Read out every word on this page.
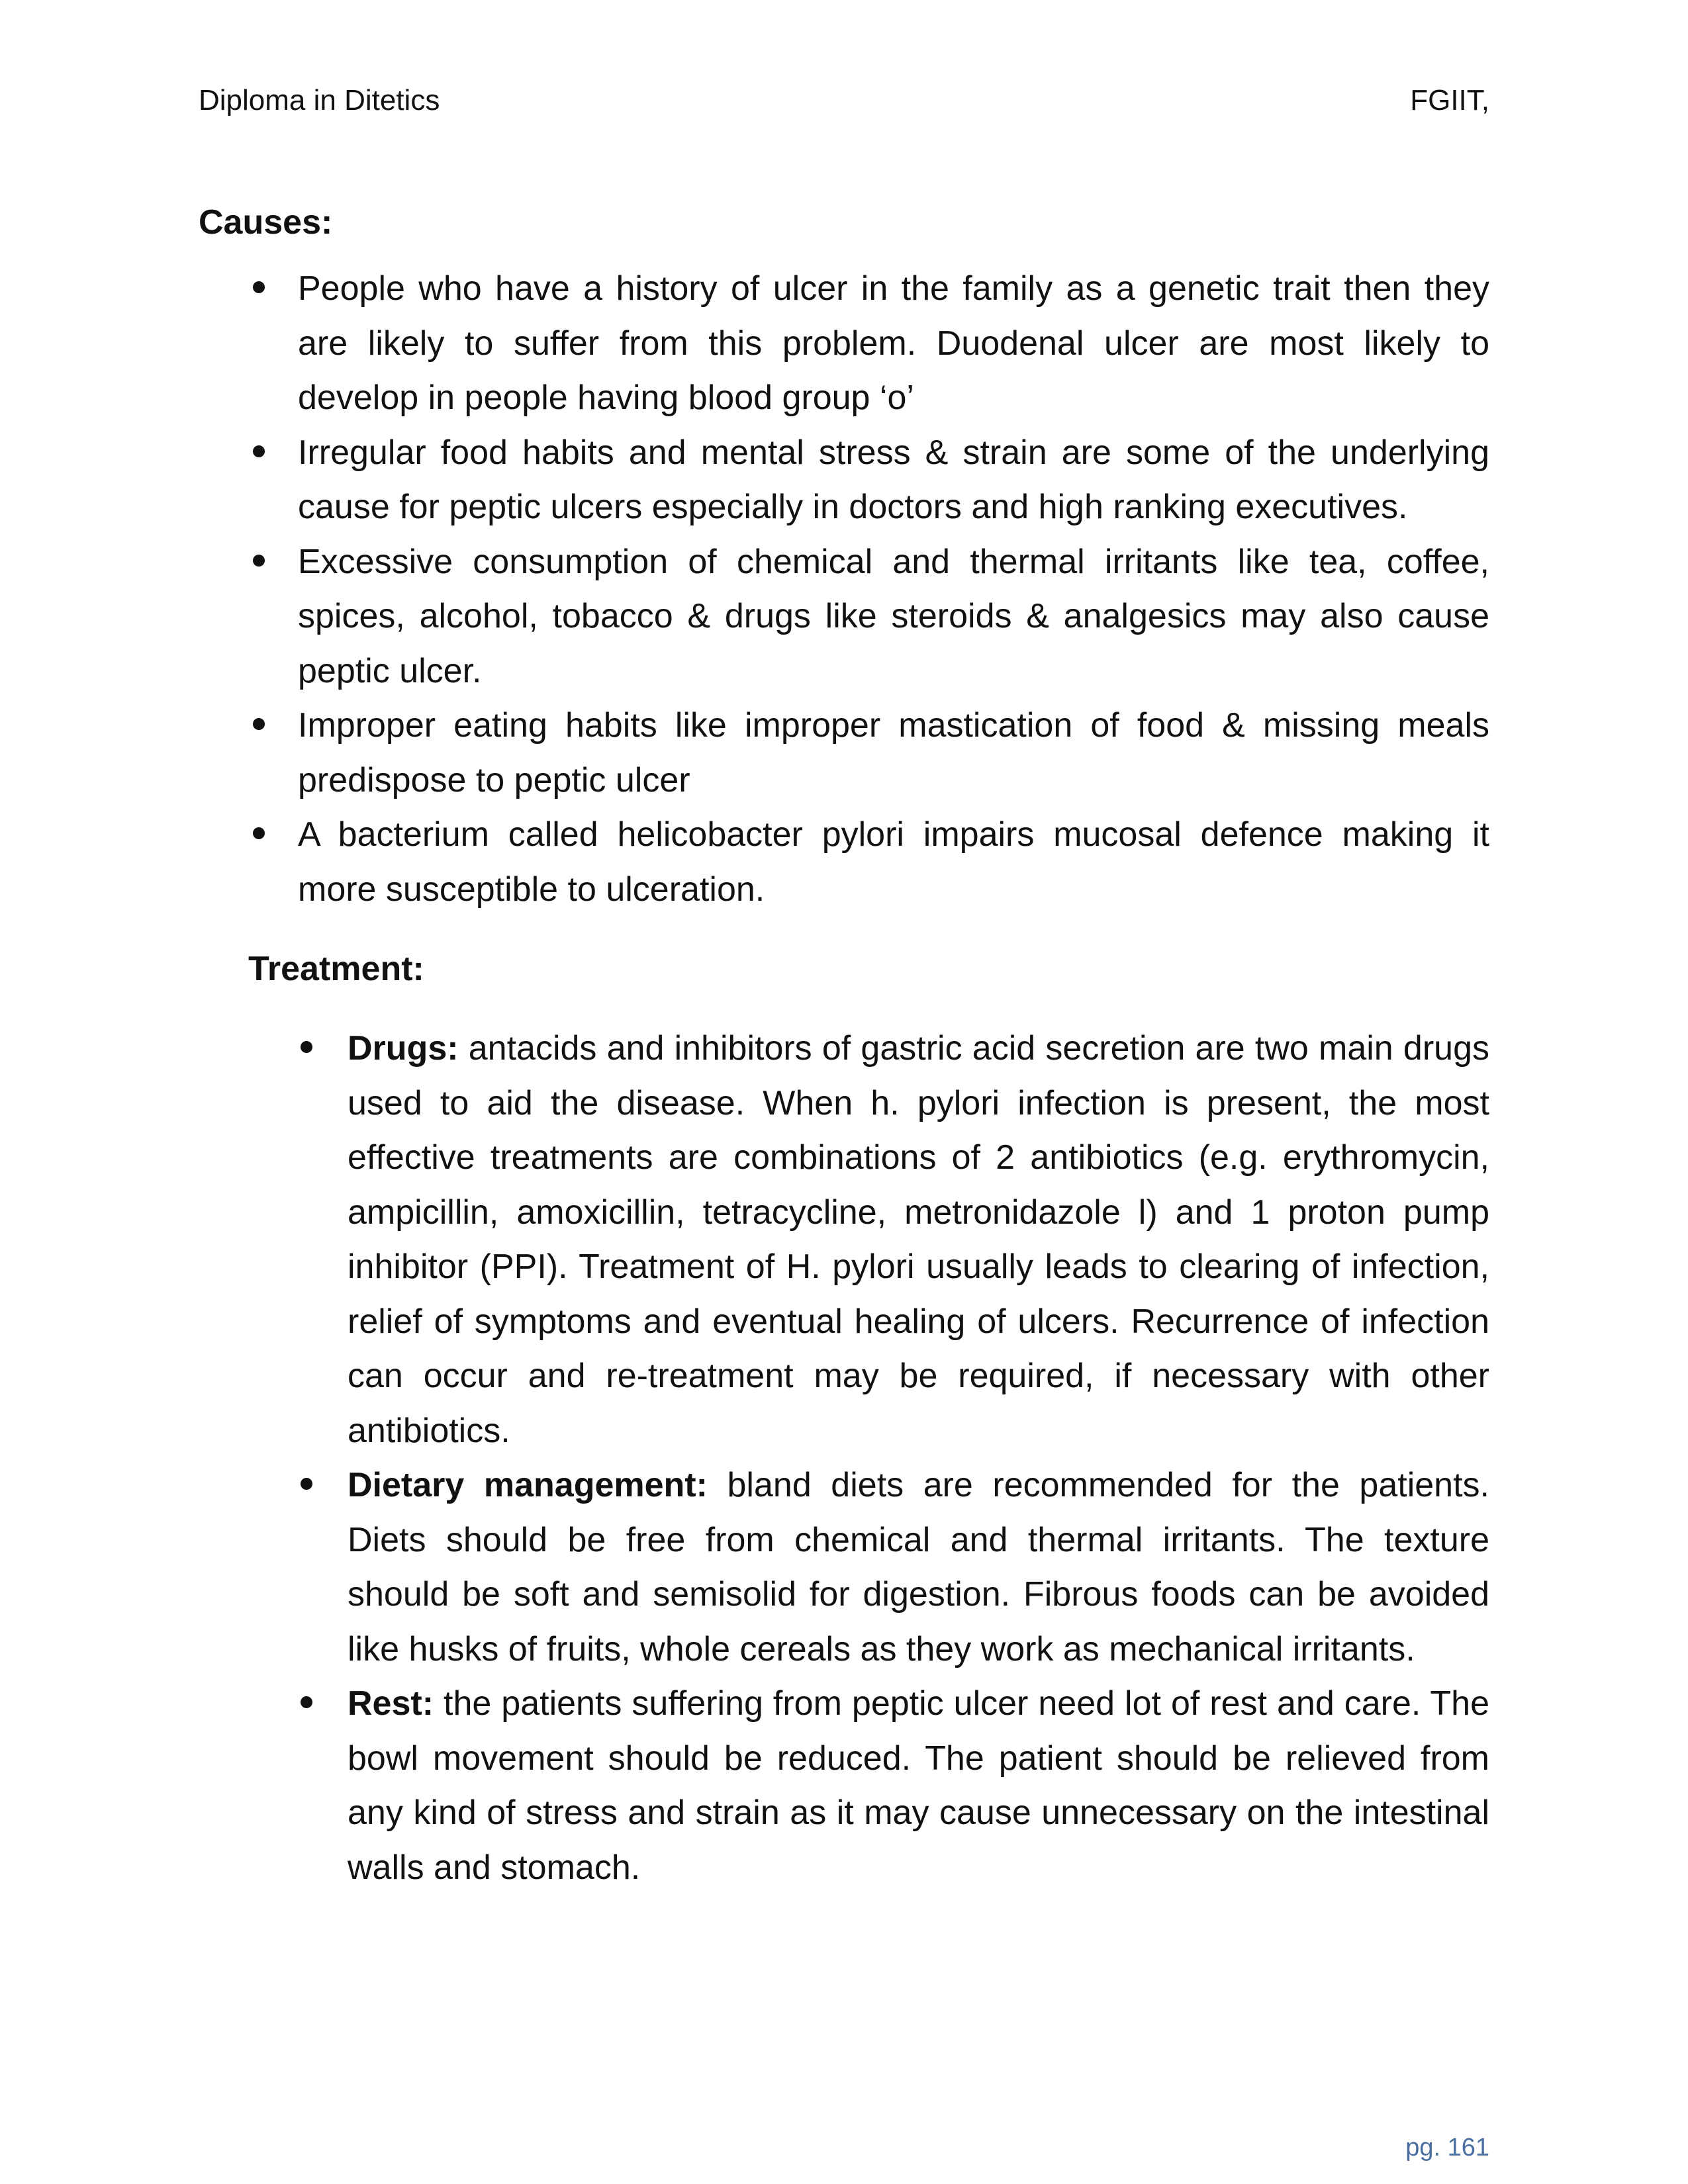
Diploma in Ditetics	FGIIT,
Causes:
People who have a history of ulcer in the family as a genetic trait then they are likely to suffer from this problem. Duodenal ulcer are most likely to develop in people having blood group ‘o’
Irregular food habits and mental stress & strain are some of the underlying cause for peptic ulcers especially in doctors and high ranking executives.
Excessive consumption of chemical and thermal irritants like tea, coffee, spices, alcohol, tobacco & drugs like steroids & analgesics may also cause peptic ulcer.
Improper eating habits like improper mastication of food & missing meals predispose to peptic ulcer
A bacterium called helicobacter pylori impairs mucosal defence making it more susceptible to ulceration.
Treatment:
Drugs: antacids and inhibitors of gastric acid secretion are two main drugs used to aid the disease. When h. pylori infection is present, the most effective treatments are combinations of 2 antibiotics (e.g. erythromycin, ampicillin, amoxicillin, tetracycline, metronidazole l) and 1 proton pump inhibitor (PPI). Treatment of H. pylori usually leads to clearing of infection, relief of symptoms and eventual healing of ulcers. Recurrence of infection can occur and re-treatment may be required, if necessary with other antibiotics.
Dietary management: bland diets are recommended for the patients. Diets should be free from chemical and thermal irritants. The texture should be soft and semisolid for digestion. Fibrous foods can be avoided like husks of fruits, whole cereals as they work as mechanical irritants.
Rest: the patients suffering from peptic ulcer need lot of rest and care. The bowl movement should be reduced. The patient should be relieved from any kind of stress and strain as it may cause unnecessary on the intestinal walls and stomach.
pg. 161
